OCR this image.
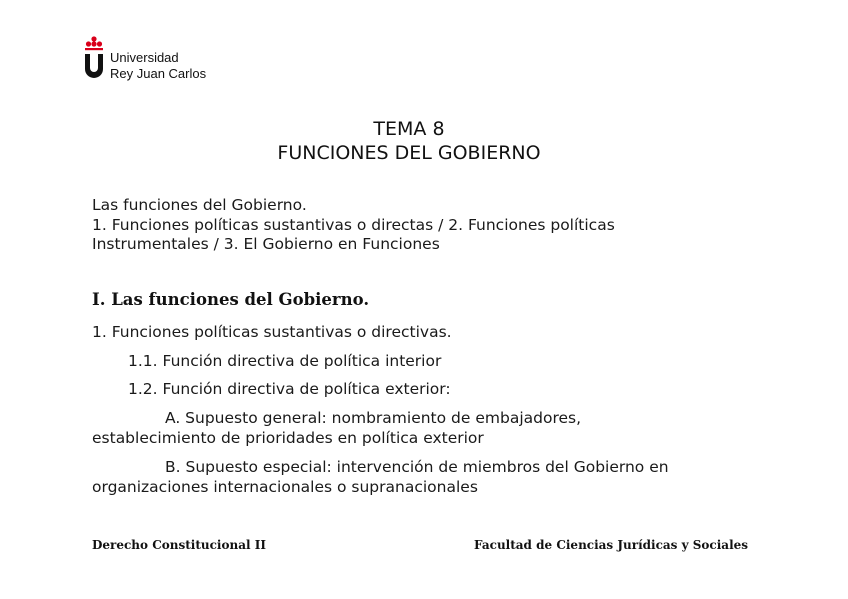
Universidad
Rey Juan Carlos
TEMA 8
FUNCIONES DEL GOBIERNO
Las funciones del Gobierno.
1. Funciones políticas sustantivas o directas / 2. Funciones políticas
Instrumentales / 3. El Gobierno en Funciones
I. Las funciones del Gobierno.
1. Funciones políticas sustantivas o directivas.
1.1. Función directiva de política interior
1.2. Función directiva de política exterior:
A. Supuesto general: nombramiento de embajadores,
establecimiento de prioridades en política exterior
B. Supuesto especial: intervención de miembros del Gobierno en
organizaciones internacionales o supranacionales
Derecho Constitucional II	Facultad de Ciencias Jurídicas y Sociales
